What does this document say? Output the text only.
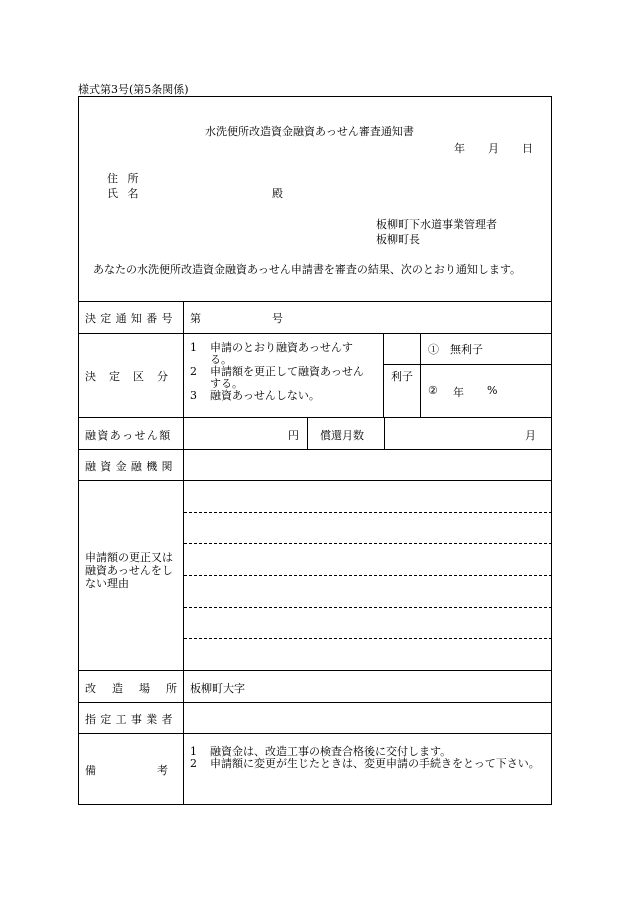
様式第3号(第5条関係)
水洗便所改造資金融資あっせん審査通知書
年 月 日
住 所
氏 名	殿
板柳町下水道事業管理者
板柳町長
あなたの水洗便所改造資金融資あっせん申請書を審査の結果、次のとおり通知します。
決定通知番号 第	号
決　定　区　分
1	申請のとおり融資あっせんする。
2	申請額を更正して融資あっせんする。
3	融資あっせんしない。
利子
①　無利子
② 年 %
融資あっせん額	円 償還月数	月
融資金融機関
申請額の更正又は融資あっせんをしない理由
改　造　場　所 板柳町大字
指定工事業者
備	考
1	融資金は、改造工事の検査合格後に交付します。
2	申請額に変更が生じたときは、変更申請の手続きをとって下さい。
